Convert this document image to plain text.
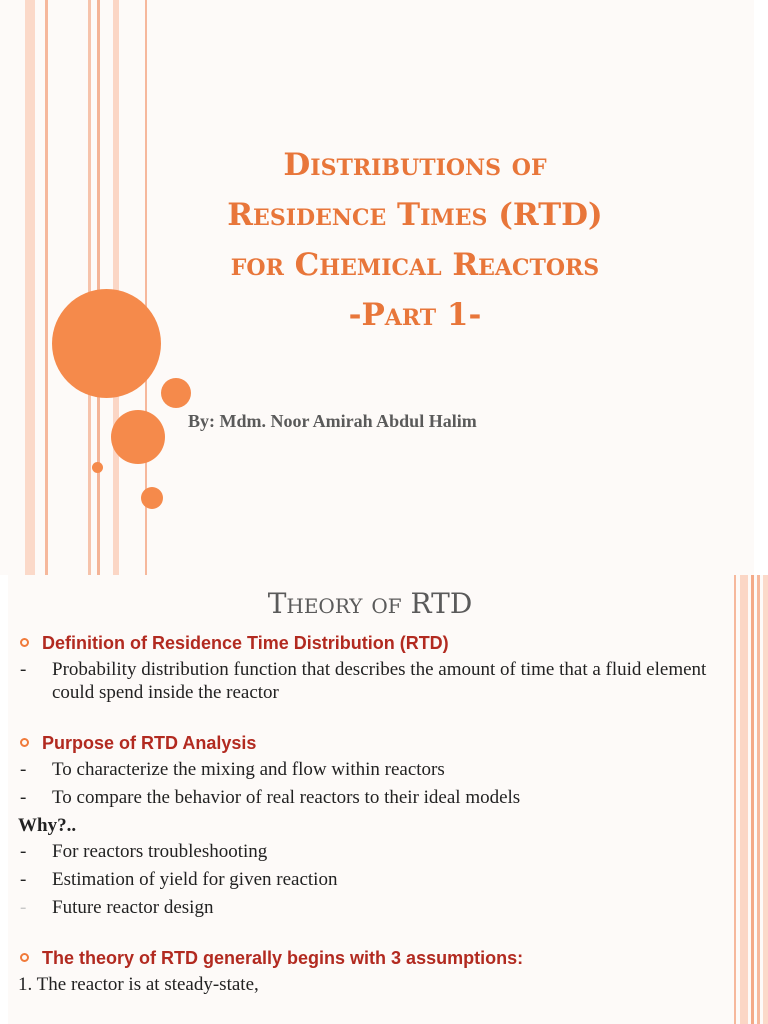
Distributions of
Residence Times (RTD)
for Chemical Reactors
-Part 1-

By: Mdm. Noor Amirah Abdul Halim

Theory of RTD
Definition of Residence Time Distribution (RTD)
- Probability distribution function that describes the amount of time that a fluid element could spend inside the reactor
Purpose of RTD Analysis
- To characterize the mixing and flow within reactors
- To compare the behavior of real reactors to their ideal models
Why?..
- For reactors troubleshooting
- Estimation of yield for given reaction
- Future reactor design
The theory of RTD generally begins with 3 assumptions:
1. The reactor is at steady-state,
